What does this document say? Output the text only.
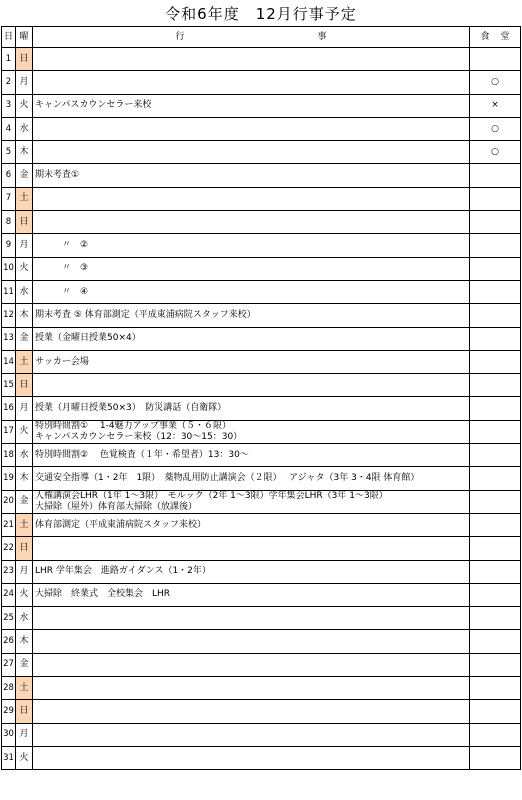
令和6年度　12月行事予定
日	曜	行 事	食 堂
1	日		
2	月		○
3	火	キャンパスカウンセラー来校	×
4	水		○
5	木		○
6	金	期末考査①	

7	土		
8	日		
9	月	　　　〃　②	

10	火	　　　〃　③	

11	水	　　　〃　④	

12	木	期末考査 ⑤ 体育部測定（平成東浦病院スタッフ来校）	

13	金	授業（金曜日授業50×4）	

14	土	サッカー会場	

15	日		
16	月	授業（月曜日授業50×3）　防災講話（自衛隊）	

17	火	特別時間割①　 1-4魅力アップ事業（５・６限）
キャンパスカウンセラー来校（12：30～15：30）	

18	水	特別時間割②　 色覚検査（１年・希望者）13：30～	

19	木	交通安全指導（1・2年　1限）　薬物乱用防止講演会（２限）　 アジャタ（3年 3・4限 体育館）	

20	金	人権講演会LHR（1年 1～3限）　モルック（2年 1～3限）学年集会LHR（3年 1～3限）
大掃除（屋外）体育部大掃除（放課後）	

21	土	体育部測定（平成東浦病院スタッフ来校）	

22	日		
23	月	LHR 学年集会　進路ガイダンス（1・2年）	

24	火	大掃除　終業式　全校集会　LHR	

25	水		
26	木		
27	金		
28	土		
29	日		
30	月		
31	火		
